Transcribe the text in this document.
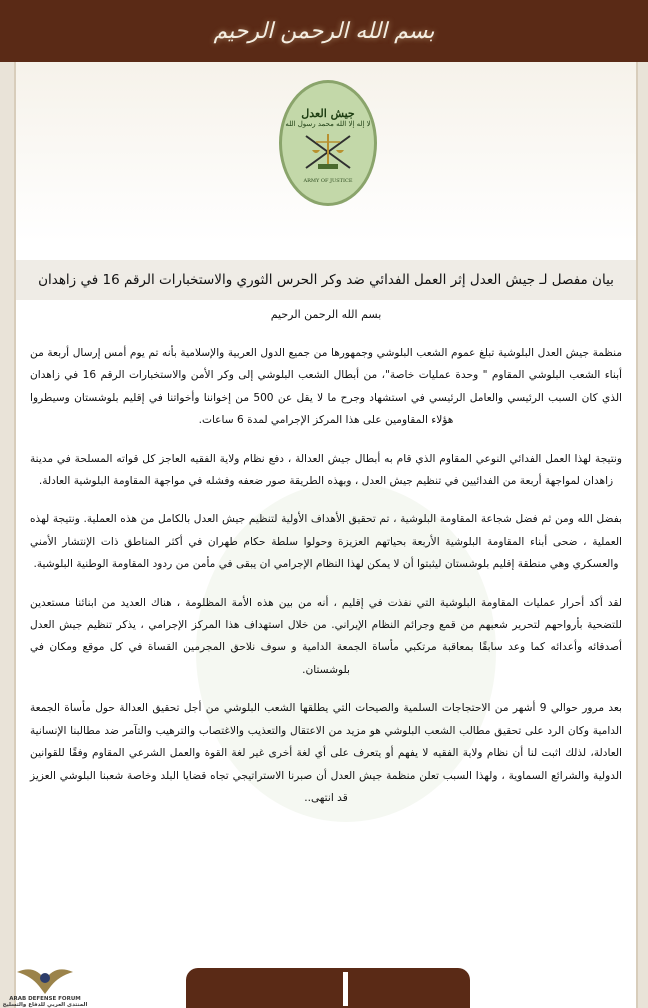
بسم الله الرحمن الرحيم
جيش العدل
لا إله إلا الله محمد رسول الله
ARMY OF JUSTICE
بيان مفصل لـ جيش العدل إثر العمل الفدائي ضد وكر الحرس الثوري والاستخبارات الرقم 16 في زاهدان

بسم الله الرحمن الرحيم

منظمة جيش العدل البلوشية تبلغ عموم الشعب البلوشي وجمهورها من جميع الدول العربية والإسلامية بأنه تم يوم أمس إرسال أربعة من أبناء الشعب البلوشي المقاوم " وحدة عمليات خاصة"، من أبطال الشعب البلوشي إلى وكر الأمن والاستخبارات الرقم 16 في زاهدان الذي كان السبب الرئيسي والعامل الرئيسي في استشهاد وجرح ما لا يقل عن 500 من إخواننا وأخواتنا في إقليم بلوشستان وسيطروا هؤلاء المقاومين على هذا المركز الإجرامي لمدة 6 ساعات.

ونتيجة لهذا العمل الفدائي النوعي المقاوم الذي قام به أبطال جيش العدالة ، دفع نظام ولاية الفقيه العاجز كل قواته المسلحة في مدينة زاهدان لمواجهة أربعة من الفدائيين في تنظيم جيش العدل ، وبهذه الطريقة صور ضعفه وفشله في مواجهة المقاومة البلوشية العادلة.

بفضل الله ومن ثم فضل شجاعة المقاومة البلوشية ، تم تحقيق الأهداف الأولية لتنظيم جيش العدل بالكامل من هذه العملية. ونتيجة لهذه العملية ، ضحى أبناء المقاومة البلوشية الأربعة بحياتهم العزيزة وحولوا سلطة حكام طهران في أكثر المناطق ذات الإنتشار الأمني والعسكري وهي منطقة إقليم بلوشستان ليثبتوا أن لا يمكن لهذا النظام الإجرامي ان يبقى في مأمن من ردود المقاومة الوطنية البلوشية.

لقد أكد أحرار عمليات المقاومة البلوشية التي نفذت في إقليم ، أنه من بين هذه الأمة المظلومة ، هناك العديد من ابنائنا مستعدين للتضحية بأرواحهم لتحرير شعبهم من قمع وجرائم النظام الإيراني. من خلال استهداف هذا المركز الإجرامي ، يذكر تنظيم جيش العدل أصدقائه وأعدائه كما وعد سابقًا بمعاقبة مرتكبي مأساة الجمعة الدامية و سوف نلاحق المجرمين القساة في كل موقع ومكان في بلوشستان.

بعد مرور حوالي 9 أشهر من الاحتجاجات السلمية والصيحات التي يطلقها الشعب البلوشي من أجل تحقيق العدالة حول مأساة الجمعة الدامية وكان الرد على تحقيق مطالب الشعب البلوشي هو مزيد من الاعتقال والتعذيب والاغتصاب والترهيب والتآمر ضد مطالبنا الإنسانية العادلة، لذلك اثبت لنا أن نظام ولاية الفقيه لا يفهم أو يتعرف على أي لغة أخرى غير لغة القوة والعمل الشرعي المقاوم وفقًا للقوانين الدولية والشرائع السماوية ، ولهذا السبب تعلن منظمة جيش العدل أن صبرنا الاستراتيجي تجاه قضايا البلد وخاصة شعبنا البلوشي العزيز قد انتهى..

ARAB DEFENSE FORUM
المنتدى العربي للدفاع والتسليح
